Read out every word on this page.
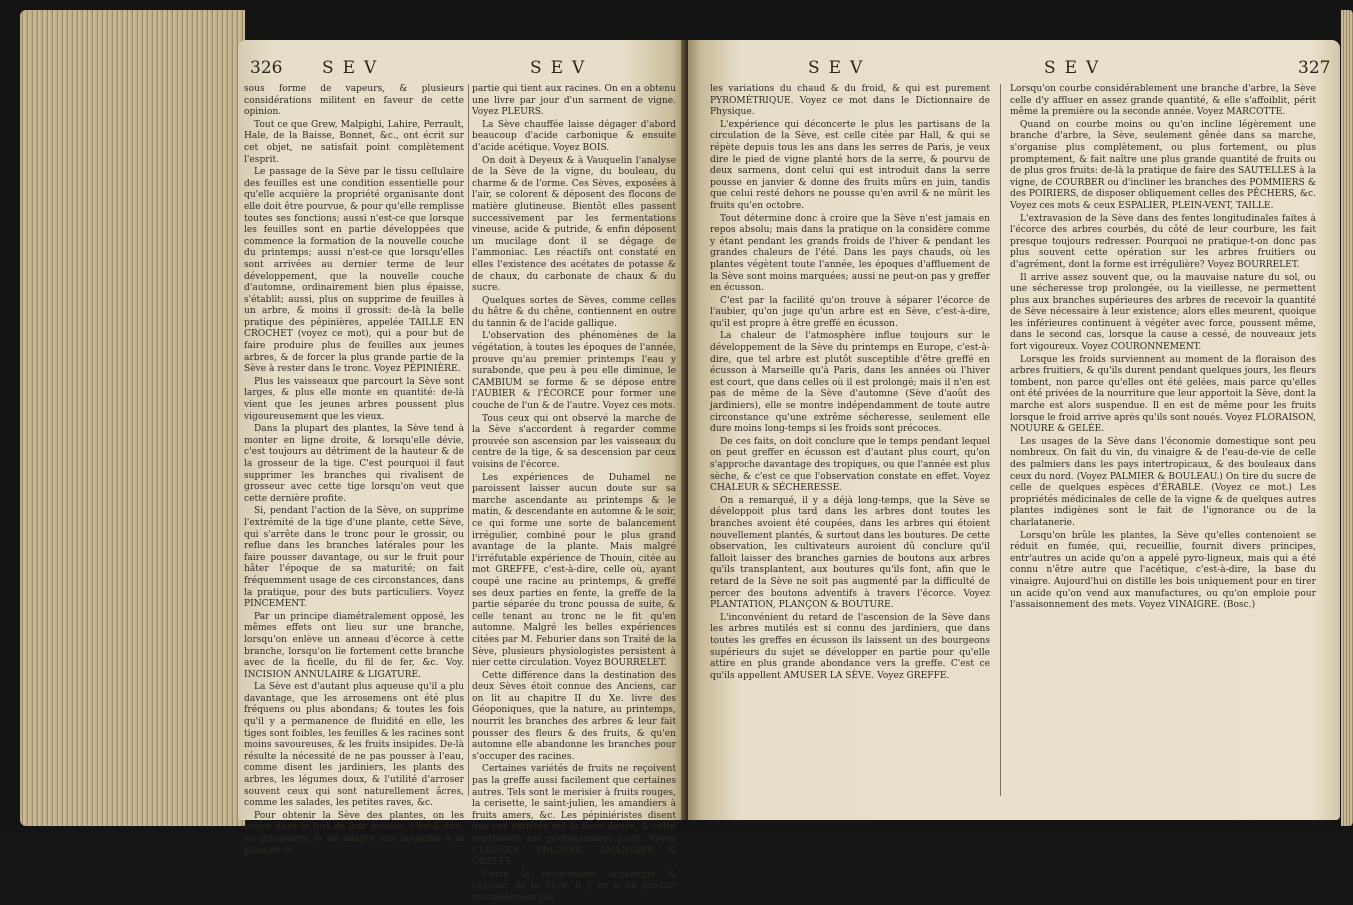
326 SEV	SEV

sous forme de vapeurs, & plusieurs considérations militent en faveur de cette opinion.

Tout ce que Grew, Malpighi, Lahire, Perrault, Hale, de la Baisse, Bonnet, &c., ont écrit sur cet objet, ne satisfait point complètement l'esprit.

Le passage de la Sève par le tissu cellulaire des feuilles est une condition essentielle pour qu'elle acquière la propriété organisante dont elle doit être pourvue, & pour qu'elle remplisse toutes ses fonctions; aussi n'est-ce que lorsque les feuilles sont en partie développées que commence la formation de la nouvelle couche du printemps; aussi n'est-ce que lorsqu'elles sont arrivées au dernier terme de leur développement, que la nouvelle couche d'automne, ordinairement bien plus épaisse, s'établit; aussi, plus on supprime de feuilles à un arbre, & moins il grossit: de-là la belle pratique des pépinières, appelée TAILLE EN CROCHET (voyez ce mot), qui a pour but de faire produire plus de feuilles aux jeunes arbres, & de forcer la plus grande partie de la Sève à rester dans le tronc. Voyez PÉPINIÈRE.

Plus les vaisseaux que parcourt la Sève sont larges, & plus elle monte en quantité: de-là vient que les jeunes arbres poussent plus vigoureusement que les vieux.

Dans la plupart des plantes, la Sève tend à monter en ligne droite, & lorsqu'elle dévie, c'est toujours au détriment de la hauteur & de la grosseur de la tige. C'est pourquoi il faut supprimer les branches qui rivalisent de grosseur avec cette tige lorsqu'on veut que cette dernière profite.

Si, pendant l'action de la Sève, on supprime l'extrémité de la tige d'une plante, cette Sève, qui s'arrête dans le tronc pour le grossir, ou reflue dans les branches latérales pour les faire pousser davantage, ou sur le fruit pour hâter l'époque de sa maturité; on fait fréquemment usage de ces circonstances, dans la pratique, pour des buts particuliers. Voyez PINCEMENT.

Par un principe diamétralement opposé, les mêmes effets ont lieu sur une branche, lorsqu'on enlève un anneau d'écorce à cette branche, lorsqu'on lie fortement cette branche avec de la ficelle, du fil de fer, &c. Voy. INCISION ANNULAIRE & LIGATURE.

La Sève est d'autant plus aqueuse qu'il a plu davantage, que les arrosemens ont été plus fréquens ou plus abondans; & toutes les fois qu'il y a permanence de fluidité en elle, les tiges sont foibles, les feuilles & les racines sont moins savoureuses, & les fruits insipides. De-là résulte la nécessité de ne pas pousser à l'eau, comme disent les jardiniers, les plants des arbres, les légumes doux, & l'utilité d'arroser souvent ceux qui sont naturellement âcres, comme les salades, les petites raves, &c.

Pour obtenir la Sève des plantes, on les coupe dans le fort de leur pousse, c'est-à-dire, au printemps, & on adapte une bouteille à la plaie de la

partie qui tient aux racines. On en a obtenu une livre par jour d'un sarment de vigne. Voyez PLEURS.

La Sève chauffée laisse dégager d'abord beaucoup d'acide carbonique & ensuite d'acide acétique. Voyez BOIS.

On doit à Deyeux & à Vauquelin l'analyse de la Sève de la vigne, du bouleau, du charme & de l'orme. Ces Sèves, exposées à l'air, se colorent & déposent des flocons de matière glutineuse. Bientôt elles passent successivement par les fermentations vineuse, acide & putride, & enfin déposent un mucilage dont il se dégage de l'ammoniac. Les réactifs ont constaté en elles l'existence des acétates de potasse & de chaux, du carbonate de chaux & du sucre.

Quelques sortes de Sèves, comme celles du hêtre & du chêne, contiennent en outre du tannin & de l'acide gallique.

L'observation des phénomènes de la végétation, à toutes les époques de l'année, prouve qu'au premier printemps l'eau y surabonde, que peu à peu elle diminue, le CAMBIUM se forme & se dépose entre l'AUBIER & l'ÉCORCE pour former une couche de l'un & de l'autre. Voyez ces mots.

Tous ceux qui ont observé la marche de la Sève s'accordent à regarder comme prouvée son ascension par les vaisseaux du centre de la tige, & sa descension par ceux voisins de l'écorce.

Les expériences de Duhamel ne paroissent laisser aucun doute sur sa marche ascendante au printemps & le matin, & descendante en automne & le soir, ce qui forme une sorte de balancement irrégulier, combiné pour le plus grand avantage de la plante. Mais malgré l'irréfutable expérience de Thouin, citée au mot GREFFE, c'est-à-dire, celle où, ayant coupé une racine au printemps, & greffé ses deux parties en fente, la greffe de la partie séparée du tronc poussa de suite, & celle tenant au tronc ne le fit qu'en automne. Malgré les belles expériences citées par M. Feburier dans son Traité de la Sève, plusieurs physiologistes persistent à nier cette circulation. Voyez BOURRELET.

Cette différence dans la destination des deux Sèves étoit connue des Anciens, car on lit au chapitre II du Xe. livre des Géoponiques, que la nature, au printemps, nourrit les branches des arbres & leur fait pousser des fleurs & des fruits, & qu'en automne elle abandonne les branches pour s'occuper des racines.

Certaines variétés de fruits ne reçoivent pas la greffe aussi facilement que certaines autres. Tels sont le merisier à fruits rouges, la cerisette, le saint-julien, les amandiers à fruits amers, &c. Les pépiniéristes disent que ces variétés ont la Sève douce, & cette expression est probablement juste. Voyez CERISIER, PRUNIER, AMANDIER & GREFFE.

Outre le mouvement organique & régulier de la Sève, il y en a un produit journellement par

SEV	SEV	327

les variations du chaud & du froid, & qui est purement PYROMÉTRIQUE. Voyez ce mot dans le Dictionnaire de Physique.

L'expérience qui déconcerte le plus les partisans de la circulation de la Sève, est celle citée par Hall, & qui se répète depuis tous les ans dans les serres de Paris, je veux dire le pied de vigne planté hors de la serre, & pourvu de deux sarmens, dont celui qui est introduit dans la serre pousse en janvier & donne des fruits mûrs en juin, tandis que celui resté dehors ne pousse qu'en avril & ne mûrit les fruits qu'en octobre.

Tout détermine donc à croire que la Sève n'est jamais en repos absolu; mais dans la pratique on la considère comme y étant pendant les grands froids de l'hiver & pendant les grandes chaleurs de l'été. Dans les pays chauds, où les plantes végètent toute l'année, les époques d'affluement de la Sève sont moins marquées; aussi ne peut-on pas y greffer en écusson.

C'est par la facilité qu'on trouve à séparer l'écorce de l'aubier, qu'on juge qu'un arbre est en Sève, c'est-à-dire, qu'il est propre à être greffé en écusson.

La chaleur de l'atmosphère influe toujours sur le développement de la Sève du printemps en Europe, c'est-à-dire, que tel arbre est plutôt susceptible d'être greffé en écusson à Marseille qu'à Paris, dans les années où l'hiver est court, que dans celles où il est prolongé; mais il n'en est pas de même de la Sève d'automne (Sève d'août des jardiniers), elle se montre indépendamment de toute autre circonstance qu'une extrême sécheresse, seulement elle dure moins long-temps si les froids sont précoces.

De ces faits, on doit conclure que le temps pendant lequel on peut greffer en écusson est d'autant plus court, qu'on s'approche davantage des tropiques, ou que l'année est plus sèche, & c'est ce que l'observation constate en effet. Voyez CHALEUR & SÉCHERESSE.

On a remarqué, il y a déjà long-temps, que la Sève se développoit plus tard dans les arbres dont toutes les branches avoient été coupées, dans les arbres qui étoient nouvellement plantés, & surtout dans les boutures. De cette observation, les cultivateurs auroient dû conclure qu'il falloit laisser des branches garnies de boutons aux arbres qu'ils transplantent, aux boutures qu'ils font, afin que le retard de la Sève ne soit pas augmenté par la difficulté de percer des boutons adventifs à travers l'écorce. Voyez PLANTATION, PLANÇON & BOUTURE.

L'inconvénient du retard de l'ascension de la Sève dans les arbres mutilés est si connu des jardiniers, que dans toutes les greffes en écusson ils laissent un des bourgeons supérieurs du sujet se développer en partie pour qu'elle attire en plus grande abondance vers la greffe. C'est ce qu'ils appellent AMUSER LA SÈVE. Voyez GREFFE.

Lorsqu'on courbe considérablement une branche d'arbre, la Sève celle d'y affluer en assez grande quantité, & elle s'affoiblit, périt même la première ou la seconde année. Voyez MARCOTTE.

Quand on courbe moins ou qu'on incline légèrement une branche d'arbre, la Sève, seulement gênée dans sa marche, s'organise plus complètement, ou plus fortement, ou plus promptement, & fait naître une plus grande quantité de fruits ou de plus gros fruits: de-là la pratique de faire des SAUTELLES à la vigne, de COURBER ou d'incliner les branches des POMMIERS & des POIRIERS, de disposer obliquement celles des PÊCHERS, &c. Voyez ces mots & ceux ESPALIER, PLEIN-VENT, TAILLE.

L'extravasion de la Sève dans des fentes longitudinales faites à l'écorce des arbres courbés, du côté de leur courbure, les fait presque toujours redresser. Pourquoi ne pratique-t-on donc pas plus souvent cette opération sur les arbres fruitiers ou d'agrément, dont la forme est irrégulière? Voyez BOURRELET.

Il arrive assez souvent que, ou la mauvaise nature du sol, ou une sécheresse trop prolongée, ou la vieillesse, ne permettent plus aux branches supérieures des arbres de recevoir la quantité de Sève nécessaire à leur existence; alors elles meurent, quoique les inférieures continuent à végéter avec force, poussent même, dans le second cas, lorsque la cause a cessé, de nouveaux jets fort vigoureux. Voyez COURONNEMENT.

Lorsque les froids surviennent au moment de la floraison des arbres fruitiers, & qu'ils durent pendant quelques jours, les fleurs tombent, non parce qu'elles ont été gelées, mais parce qu'elles ont été privées de la nourriture que leur apportoit la Sève, dont la marche est alors suspendue. Il en est de même pour les fruits lorsque le froid arrive après qu'ils sont noués. Voyez FLORAISON, NOUURE & GELÉE.

Les usages de la Sève dans l'économie domestique sont peu nombreux. On fait du vin, du vinaigre & de l'eau-de-vie de celle des palmiers dans les pays intertropicaux, & des bouleaux dans ceux du nord. (Voyez PALMIER & BOULEAU.) On tire du sucre de celle de quelques espèces d'ÉRABLE. (Voyez ce mot.) Les propriétés médicinales de celle de la vigne & de quelques autres plantes indigènes sont le fait de l'ignorance ou de la charlatanerie.

Lorsqu'on brûle les plantes, la Sève qu'elles contenoient se réduit en fumée, qui, recueillie, fournit divers principes, entr'autres un acide qu'on a appelé pyro-ligneux, mais qui a été connu n'être autre que l'acétique, c'est-à-dire, la base du vinaigre. Aujourd'hui on distille les bois uniquement pour en tirer un acide qu'on vend aux manufactures, ou qu'on emploie pour l'assaisonnement des mets. Voyez VINAIGRE. (Bosc.)
